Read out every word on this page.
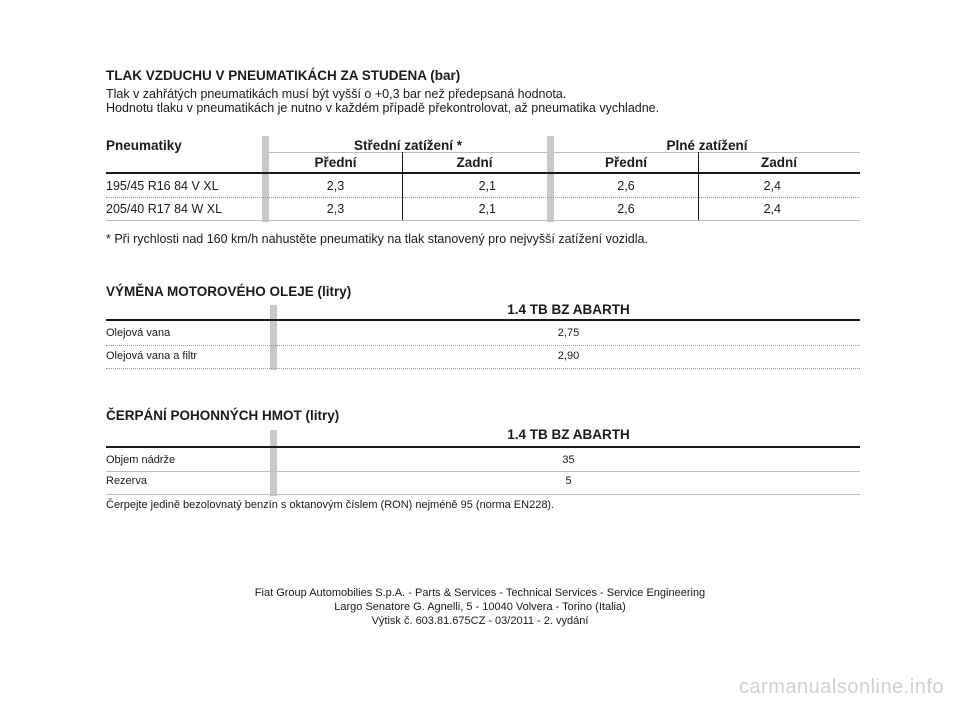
TLAK VZDUCHU V PNEUMATIKÁCH ZA STUDENA (bar)
Tlak v zahřátých pneumatikách musí být vyšší o +0,3 bar než předepsaná hodnota.
Hodnotu tlaku v pneumatikách je nutno v každém případě překontrolovat, až pneumatika vychladne.
Pneumatiky	Střední zatížení *	Plné zatížení
Přední	Zadní	Přední	Zadní
195/45 R16 84 V XL	2,3	2,1	2,6	2,4
205/40 R17 84 W XL	2,3	2,1	2,6	2,4
* Při rychlosti nad 160 km/h nahustěte pneumatiky na tlak stanovený pro nejvyšší zatížení vozidla.
VÝMĚNA MOTOROVÉHO OLEJE (litry)
1.4 TB BZ ABARTH
Olejová vana	2,75
Olejová vana a filtr	2,90
ČERPÁNÍ POHONNÝCH HMOT (litry)
1.4 TB BZ ABARTH
Objem nádrže	35
Rezerva	5
Čerpejte jedině bezolovnatý benzín s oktanovým číslem (RON) nejméně 95 (norma EN228).
Fiat Group Automobilies S.p.A. - Parts & Services - Technical Services - Service Engineering
Largo Senatore G. Agnelli, 5 - 10040 Volvera - Torino (Italia)
Výtisk č. 603.81.675CZ - 03/2011 - 2. vydání
carmanualsonline.info
